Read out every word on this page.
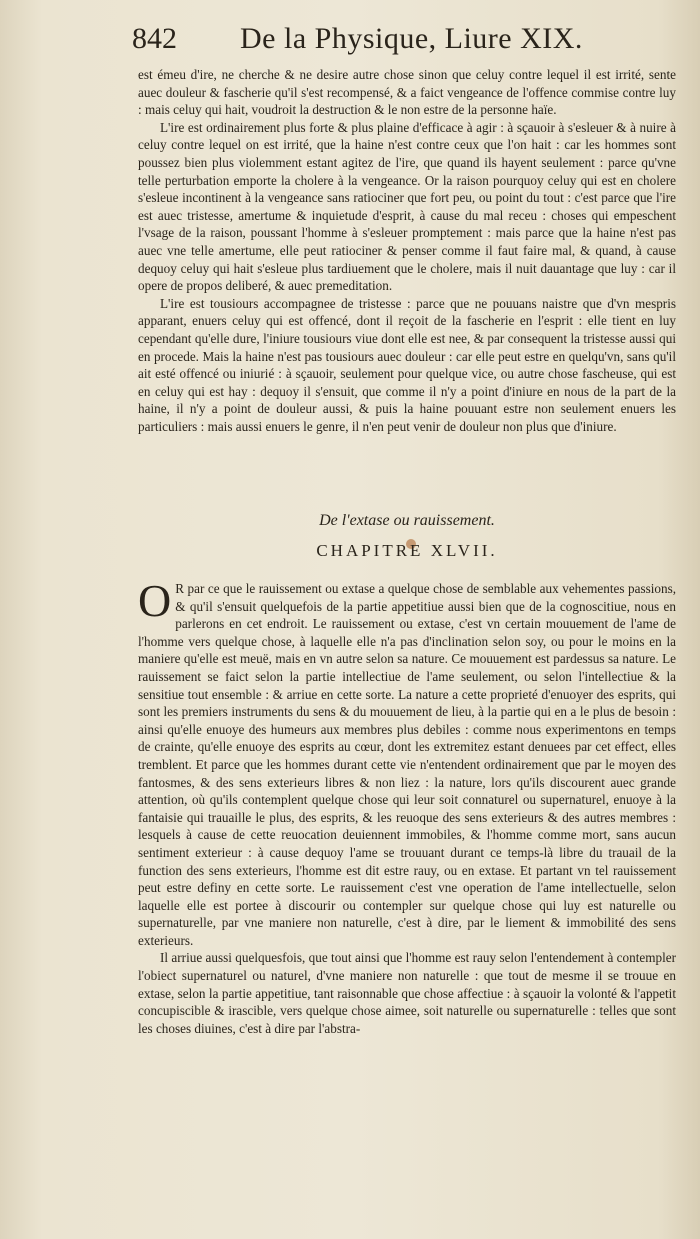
842 De la Physique, Liure XIX.

est émeu d'ire, ne cherche & ne desire autre chose sinon que celuy contre lequel il est irrité, sente auec douleur & fascherie qu'il s'est recompensé, & a faict vengeance de l'offence commise contre luy : mais celuy qui hait, voudroit la destruction & le non estre de la personne haïe.

L'ire est ordinairement plus forte & plus plaine d'efficace à agir : à sçauoir à s'esleuer & à nuire à celuy contre lequel on est irrité, que la haine n'est contre ceux que l'on hait : car les hommes sont poussez bien plus violemment estant agitez de l'ire, que quand ils hayent seulement : parce qu'vne telle perturbation emporte la cholere à la vengeance. Or la raison pourquoy celuy qui est en cholere s'esleue incontinent à la vengeance sans ratiociner que fort peu, ou point du tout : c'est parce que l'ire est auec tristesse, amertume & inquietude d'esprit, à cause du mal receu : choses qui empeschent l'vsage de la raison, poussant l'homme à s'esleuer promptement : mais parce que la haine n'est pas auec vne telle amertume, elle peut ratiociner & penser comme il faut faire mal, & quand, à cause dequoy celuy qui hait s'esleue plus tardiuement que le cholere, mais il nuit dauantage que luy : car il opere de propos deliberé, & auec premeditation.

L'ire est tousiours accompagnee de tristesse : parce que ne pouuans naistre que d'vn mespris apparant, enuers celuy qui est offencé, dont il reçoit de la fascherie en l'esprit : elle tient en luy cependant qu'elle dure, l'iniure tousiours viue dont elle est nee, & par consequent la tristesse aussi qui en procede. Mais la haine n'est pas tousiours auec douleur : car elle peut estre en quelqu'vn, sans qu'il ait esté offencé ou iniurié : à sçauoir, seulement pour quelque vice, ou autre chose fascheuse, qui est en celuy qui est hay : dequoy il s'ensuit, que comme il n'y a point d'iniure en nous de la part de la haine, il n'y a point de douleur aussi, & puis la haine pouuant estre non seulement enuers les particuliers : mais aussi enuers le genre, il n'en peut venir de douleur non plus que d'iniure.

De l'extase ou rauissement.
CHAPITRE XLVII.

O R par ce que le rauissement ou extase a quelque chose de semblable aux vehementes passions, & qu'il s'ensuit quelquefois de la partie appetitiue aussi bien que de la cognoscitiue, nous en parlerons en cet endroit. Le rauissement ou extase, c'est vn certain mouuement de l'ame de l'homme vers quelque chose, à laquelle elle n'a pas d'inclination selon soy, ou pour le moins en la maniere qu'elle est meuë, mais en vn autre selon sa nature. Ce mouuement est pardessus sa nature. Le rauissement se faict selon la partie intellectiue de l'ame seulement, ou selon l'intellectiue & la sensitiue tout ensemble : & arriue en cette sorte. La nature a cette proprieté d'enuoyer des esprits, qui sont les premiers instruments du sens & du mouuement de lieu, à la partie qui en a le plus de besoin : ainsi qu'elle enuoye des humeurs aux membres plus debiles : comme nous experimentons en temps de crainte, qu'elle enuoye des esprits au cœur, dont les extremitez estant denuees par cet effect, elles tremblent. Et parce que les hommes durant cette vie n'entendent ordinairement que par le moyen des fantosmes, & des sens exterieurs libres & non liez : la nature, lors qu'ils discourent auec grande attention, où qu'ils contemplent quelque chose qui leur soit connaturel ou supernaturel, enuoye à la fantaisie qui trauaille le plus, des esprits, & les reuoque des sens exterieurs & des autres membres : lesquels à cause de cette reuocation deuiennent immobiles, & l'homme comme mort, sans aucun sentiment exterieur : à cause dequoy l'ame se trouuant durant ce temps-là libre du trauail de la function des sens exterieurs, l'homme est dit estre rauy, ou en extase. Et partant vn tel rauissement peut estre definy en cette sorte. Le rauissement c'est vne operation de l'ame intellectuelle, selon laquelle elle est portee à discourir ou contempler sur quelque chose qui luy est naturelle ou supernaturelle, par vne maniere non naturelle, c'est à dire, par le liement & immobilité des sens exterieurs.

Il arriue aussi quelquesfois, que tout ainsi que l'homme est rauy selon l'entendement à contempler l'obiect supernaturel ou naturel, d'vne maniere non naturelle : que tout de mesme il se trouue en extase, selon la partie appetitiue, tant raisonnable que chose affectiue : à sçauoir la volonté & l'appetit concupiscible & irascible, vers quelque chose aimee, soit naturelle ou supernaturelle : telles que sont les choses diuines, c'est à dire par l'abstra-
